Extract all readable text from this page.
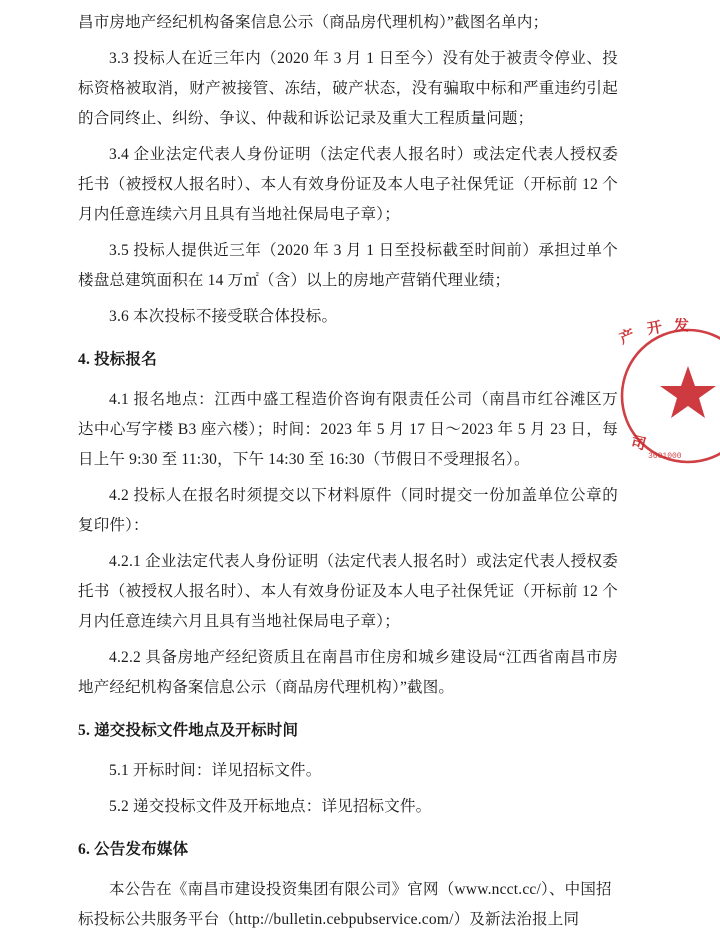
昌市房地产经纪机构备案信息公示（商品房代理机构）”截图名单内；

3.3 投标人在近三年内（2020 年 3 月 1 日至今）没有处于被责令停业、投标资格被取消，财产被接管、冻结，破产状态，没有骗取中标和严重违约引起的合同终止、纠纷、争议、仲裁和诉讼记录及重大工程质量问题；

3.4 企业法定代表人身份证明（法定代表人报名时）或法定代表人授权委托书（被授权人报名时）、本人有效身份证及本人电子社保凭证（开标前 12 个月内任意连续六月且具有当地社保局电子章）；

3.5 投标人提供近三年（2020 年 3 月 1 日至投标截至时间前）承担过单个楼盘总建筑面积在 14 万㎡（含）以上的房地产营销代理业绩；

3.6 本次投标不接受联合体投标。

4. 投标报名

4.1 报名地点：江西中盛工程造价咨询有限责任公司（南昌市红谷滩区万达中心写字楼 B3 座六楼）；时间：2023 年 5 月 17 日～2023 年 5 月 23 日，每日上午 9:30 至 11:30，下午 14:30 至 16:30（节假日不受理报名）。

4.2 投标人在报名时须提交以下材料原件（同时提交一份加盖单位公章的复印件）：

4.2.1 企业法定代表人身份证明（法定代表人报名时）或法定代表人授权委托书（被授权人报名时）、本人有效身份证及本人电子社保凭证（开标前 12 个月内任意连续六月且具有当地社保局电子章）；

4.2.2 具备房地产经纪资质且在南昌市住房和城乡建设局“江西省南昌市房地产经纪机构备案信息公示（商品房代理机构）”截图。

5. 递交投标文件地点及开标时间

5.1 开标时间：详见招标文件。

5.2 递交投标文件及开标地点：详见招标文件。

6. 公告发布媒体

本公告在《南昌市建设投资集团有限公司》官网（www.ncct.cc/）、中国招

标投标公共服务平台（http://bulletin.cebpubservice.com/）及新法治报上同

产 开 发
司
3601000
